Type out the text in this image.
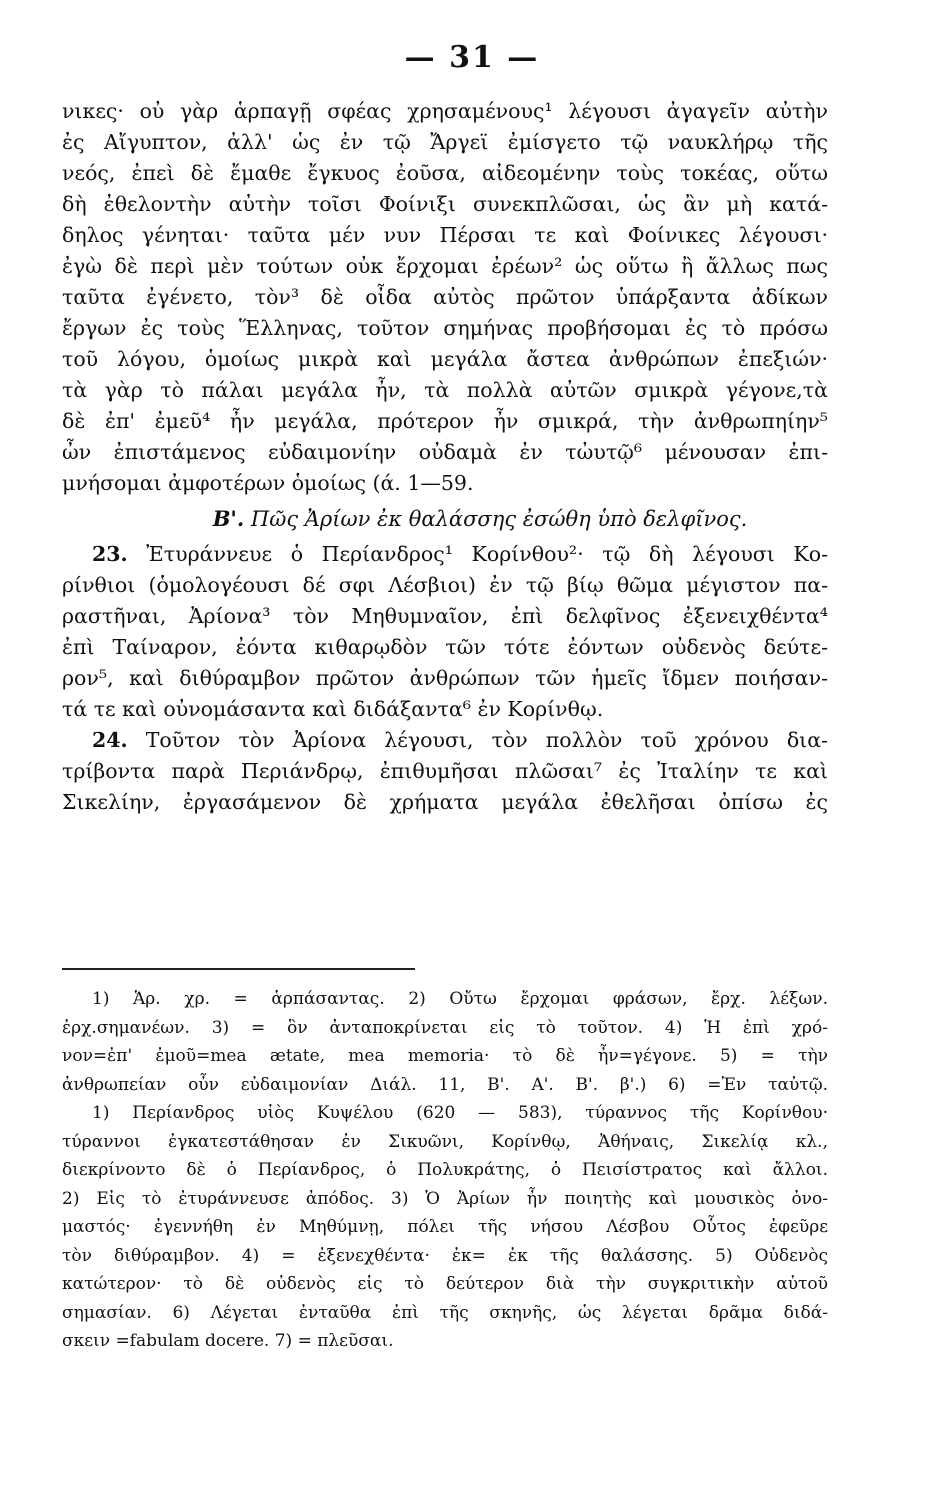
— 31 —
νικες· οὐ γὰρ ἁρπαγῇ σφέας χρησαμένους¹ λέγουσι ἀγαγεῖν αὐτὴν
ἐς Αἴγυπτον, ἀλλ' ὡς ἐν τῷ Ἄργεϊ ἐμίσγετο τῷ ναυκλήρῳ τῆς
νεός, ἐπεὶ δὲ ἔμαθε ἔγκυος ἐοῦσα, αἰδεομένην τοὺς τοκέας, οὕτω
δὴ ἐθελοντὴν αὐτὴν τοῖσι Φοίνιξι συνεκπλῶσαι, ὡς ἂν μὴ κατά-
δηλος γένηται· ταῦτα μέν νυν Πέρσαι τε καὶ Φοίνικες λέγουσι·
ἐγὼ δὲ περὶ μὲν τούτων οὐκ ἔρχομαι ἐρέων² ὡς οὕτω ἢ ἄλλως πως
ταῦτα ἐγένετο, τὸν³ δὲ οἶδα αὐτὸς πρῶτον ὑπάρξαντα ἀδίκων
ἔργων ἐς τοὺς Ἕλληνας, τοῦτον σημήνας προβήσομαι ἐς τὸ πρόσω
τοῦ λόγου, ὁμοίως μικρὰ καὶ μεγάλα ἄστεα ἀνθρώπων ἐπεξιών·
τὰ γὰρ τὸ πάλαι μεγάλα ἦν, τὰ πολλὰ αὐτῶν σμικρὰ γέγονε,τὰ
δὲ ἐπ' ἐμεῦ⁴ ἦν μεγάλα, πρότερον ἦν σμικρά, τὴν ἀνθρωπηίην⁵
ὦν ἐπιστάμενος εὐδαιμονίην οὐδαμὰ ἐν τὠυτῷ⁶ μένουσαν ἐπι-
μνήσομαι ἀμφοτέρων ὁμοίως (ά. 1—59.
Β'. Πῶς Ἀρίων ἐκ θαλάσσης ἐσώθη ὑπὸ δελφῖνος.
23. Ἐτυράννευε ὁ Περίανδρος¹ Κορίνθου²· τῷ δὴ λέγουσι Κο-
ρίνθιοι (ὁμολογέουσι δέ σφι Λέσβιοι) ἐν τῷ βίῳ θῶμα μέγιστον πα-
ραστῆναι, Ἀρίονα³ τὸν Μηθυμναῖον, ἐπὶ δελφῖνος ἐξενειχθέντα⁴
ἐπὶ Ταίναρον, ἐόντα κιθαρῳδὸν τῶν τότε ἐόντων οὐδενὸς δεύτε-
ρον⁵, καὶ διθύραμβον πρῶτον ἀνθρώπων τῶν ἡμεῖς ἴδμεν ποιήσαν-
τά τε καὶ οὐνομάσαντα καὶ διδάξαντα⁶ ἐν Κορίνθῳ.
24. Τοῦτον τὸν Ἀρίονα λέγουσι, τὸν πολλὸν τοῦ χρόνου δια-
τρίβοντα παρὰ Περιάνδρῳ, ἐπιθυμῆσαι πλῶσαι⁷ ἐς Ἰταλίην τε καὶ
Σικελίην, ἐργασάμενον δὲ χρήματα μεγάλα ἐθελῆσαι ὀπίσω ἐς
1) Ἁρ. χρ. = ἁρπάσαντας. 2) Οὔτω ἔρχομαι φράσων, ἔρχ. λέξων.
ἐρχ.σημανέων. 3) = ὃν ἀνταποκρίνεται εἰς τὸ τοῦτον. 4) Ἡ ἐπὶ χρό-
νον=ἐπ' ἐμοῦ=mea ætate, mea memoria· τὸ δὲ ἦν=γέγονε. 5) = τὴν
ἀνθρωπείαν οὖν εὐδαιμονίαν Διάλ. 11, Β'. Α'. Β'. β'.) 6) =Ἐν ταὐτῷ.
1) Περίανδρος υἱὸς Κυψέλου (620 — 583), τύραννος τῆς Κορίνθου·
τύραννοι ἐγκατεστάθησαν ἐν Σικυῶνι, Κορίνθῳ, Ἀθήναις, Σικελίᾳ κλ.,
διεκρίνοντο δὲ ὁ Περίανδρος, ὁ Πολυκράτης, ὁ Πεισίστρατος καὶ ἄλλοι.
2) Εἰς τὸ ἐτυράννευσε ἀπόδος. 3) Ὁ Ἀρίων ἦν ποιητὴς καὶ μουσικὸς ὀνο-
μαστός· ἐγεννήθη ἐν Μηθύμνῃ, πόλει τῆς νήσου Λέσβου Οὗτος ἐφεῦρε
τὸν διθύραμβον. 4) = ἐξενεχθέντα· ἐκ= ἐκ τῆς θαλάσσης. 5) Οὐδενὸς
κατώτερον· τὸ δὲ οὐδενὸς εἰς τὸ δεύτερον διὰ τὴν συγκριτικὴν αὐτοῦ
σημασίαν. 6) Λέγεται ἐνταῦθα ἐπὶ τῆς σκηνῆς, ὡς λέγεται δρᾶμα διδά-
σκειν =fabulam docere. 7) = πλεῦσαι.
